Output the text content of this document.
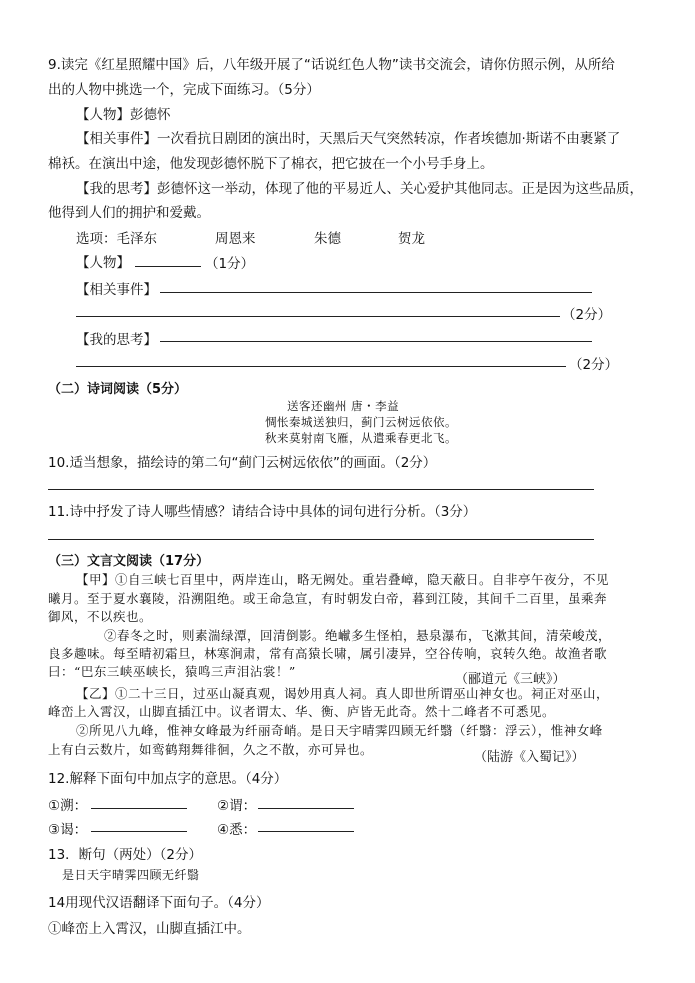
9.读完《红星照耀中国》后，八年级开展了“话说红色人物”读书交流会，请你仿照示例，从所给
出的人物中挑选一个，完成下面练习。（5分）
【人物】彭德怀
【相关事件】一次看抗日剧团的演出时，天黑后天气突然转凉，作者埃德加·斯诺不由裹紧了
棉袄。在演出中途，他发现彭德怀脱下了棉衣，把它披在一个小号手身上。
【我的思考】彭德怀这一举动，体现了他的平易近人、关心爱护其他同志。正是因为这些品质，
他得到人们的拥护和爱戴。
选项：毛泽东	周恩来	朱德	贺龙
【人物】	（1分）
【相关事件】
（2分）
【我的思考】
（2分）
（二）诗词阅读（5分）
送客还幽州 唐・李益
惆怅秦城送独归，蓟门云树远依依。
秋来莫射南飞雁，从遣乘春更北飞。
10.适当想象，描绘诗的第二句“蓟门云树远依依”的画面。（2分）
11.诗中抒发了诗人哪些情感？请结合诗中具体的词句进行分析。（3分）
（三）文言文阅读（17分）
【甲】①自三峡七百里中，两岸连山，略无阙处。重岩叠嶂，隐天蔽日。自非亭午夜分，不见
曦月。至于夏水襄陵，沿溯阻绝。或王命急宣，有时朝发白帝，暮到江陵，其间千二百里，虽乘奔
御风，不以疾也。
②春冬之时，则素湍绿潭，回清倒影。绝𪩘多生怪柏，悬泉瀑布，飞漱其间，清荣峻茂，
良多趣味。每至晴初霜旦，林寒涧肃，常有高猿长啸，属引凄异，空谷传响，哀转久绝。故渔者歌
曰：“巴东三峡巫峡长，猿鸣三声泪沾裳！”
（郦道元《三峡》）
【乙】①二十三日，过巫山凝真观，谒妙用真人祠。真人即世所谓巫山神女也。祠正对巫山，
峰峦上入霄汉，山脚直插江中。议者谓太、华、衡、庐皆无此奇。然十二峰者不可悉见。
②所见八九峰，惟神女峰最为纤丽奇峭。是日天宇晴霁四顾无纤翳（纤翳：浮云），惟神女峰
上有白云数片，如鸾鹤翔舞徘徊，久之不散，亦可异也。
（陆游《入蜀记》）
12.解释下面句中加点字的意思。（4分）
①溯：	②谓：
③谒：	④悉：
13．断句（两处）（2分）
是日天宇晴霁四顾无纤翳
14用现代汉语翻译下面句子。（4分）
①峰峦上入霄汉，山脚直插江中。
